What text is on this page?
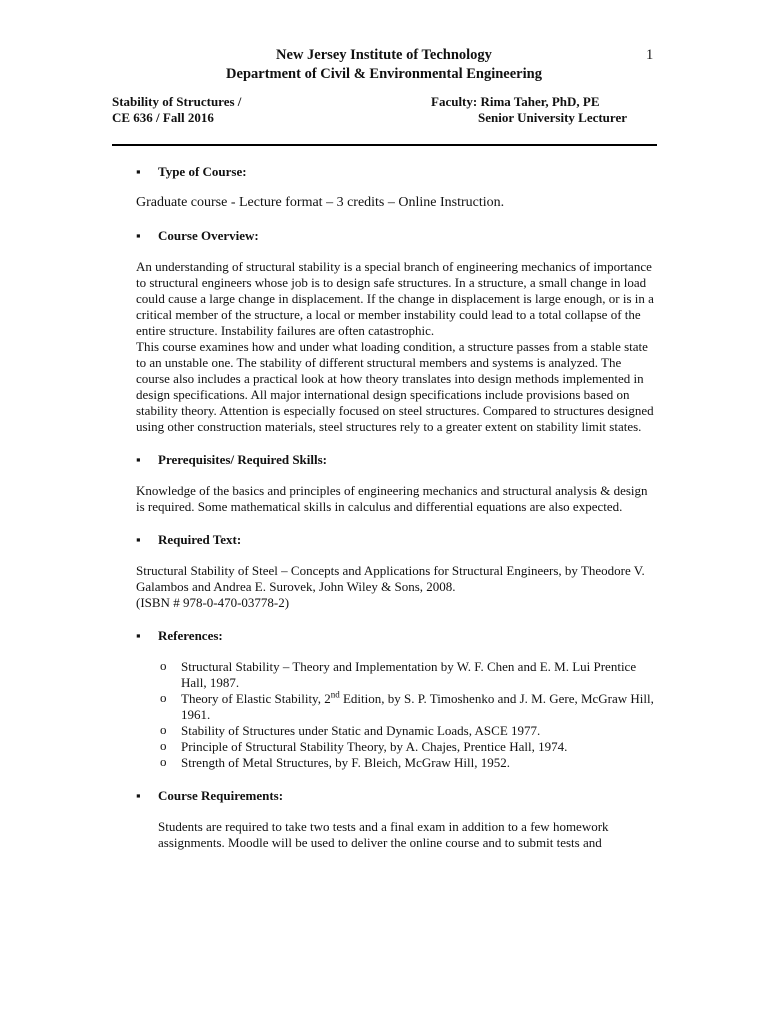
New Jersey Institute of Technology
Department of Civil & Environmental Engineering
1
Stability of Structures /
CE 636 / Fall 2016
Faculty: Rima Taher, PhD, PE
Senior University Lecturer
▪ Type of Course:

Graduate course - Lecture format – 3 credits – Online Instruction.

▪ Course Overview:

An understanding of structural stability is a special branch of engineering mechanics of importance to structural engineers whose job is to design safe structures. In a structure, a small change in load could cause a large change in displacement. If the change in displacement is large enough, or is in a critical member of the structure, a local or member instability could lead to a total collapse of the entire structure. Instability failures are often catastrophic.

This course examines how and under what loading condition, a structure passes from a stable state to an unstable one. The stability of different structural members and systems is analyzed. The course also includes a practical look at how theory translates into design methods implemented in design specifications. All major international design specifications include provisions based on stability theory. Attention is especially focused on steel structures. Compared to structures designed using other construction materials, steel structures rely to a greater extent on stability limit states.

▪ Prerequisites/ Required Skills:

Knowledge of the basics and principles of engineering mechanics and structural analysis & design is required. Some mathematical skills in calculus and differential equations are also expected.

▪ Required Text:

Structural Stability of Steel – Concepts and Applications for Structural Engineers, by Theodore V. Galambos and Andrea E. Surovek, John Wiley & Sons, 2008.

(ISBN # 978-0-470-03778-2)

▪ References:
o Structural Stability – Theory and Implementation by W. F. Chen and E. M. Lui Prentice Hall, 1987.
o Theory of Elastic Stability, 2nd Edition, by S. P. Timoshenko and J. M. Gere, McGraw Hill, 1961.
o Stability of Structures under Static and Dynamic Loads, ASCE 1977.
o Principle of Structural Stability Theory, by A. Chajes, Prentice Hall, 1974.
o Strength of Metal Structures, by F. Bleich, McGraw Hill, 1952.
▪ Course Requirements:

Students are required to take two tests and a final exam in addition to a few homework assignments. Moodle will be used to deliver the online course and to submit tests and
